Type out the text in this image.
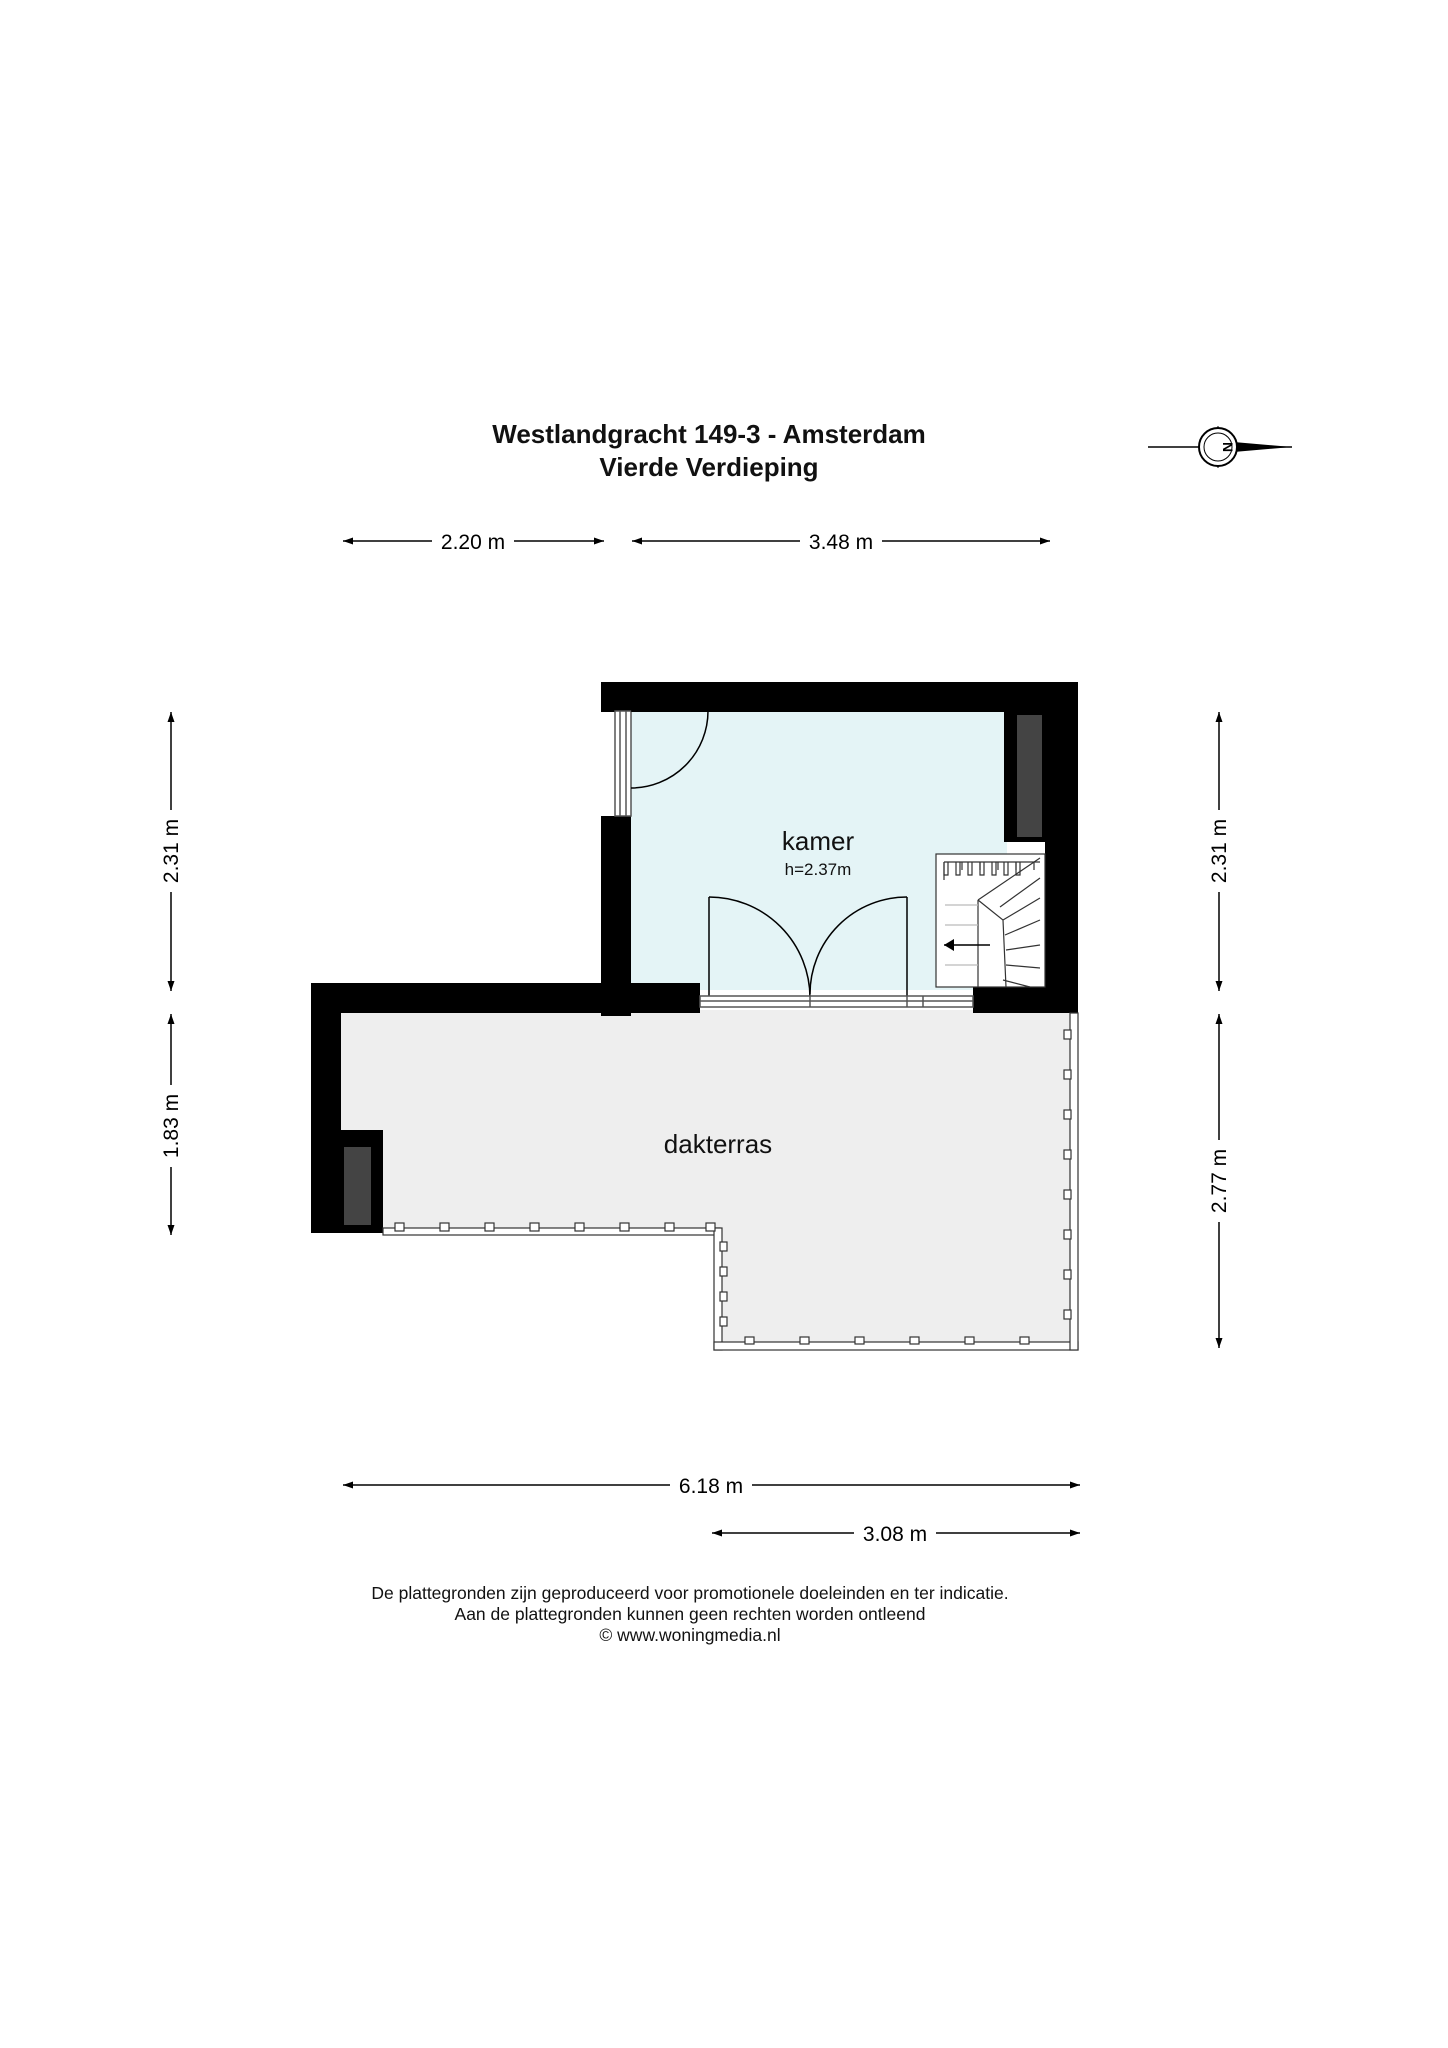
Westlandgracht 149-3 - Amsterdam
Vierde Verdieping
kamer
h=2.37m
dakterras
2.20 m	3.48 m
6.18 m
3.08 m
2.31 m
1.83 m
2.31 m
2.77 m
N
De plattegronden zijn geproduceerd voor promotionele doeleinden en ter indicatie.
Aan de plattegronden kunnen geen rechten worden ontleend
© www.woningmedia.nl
